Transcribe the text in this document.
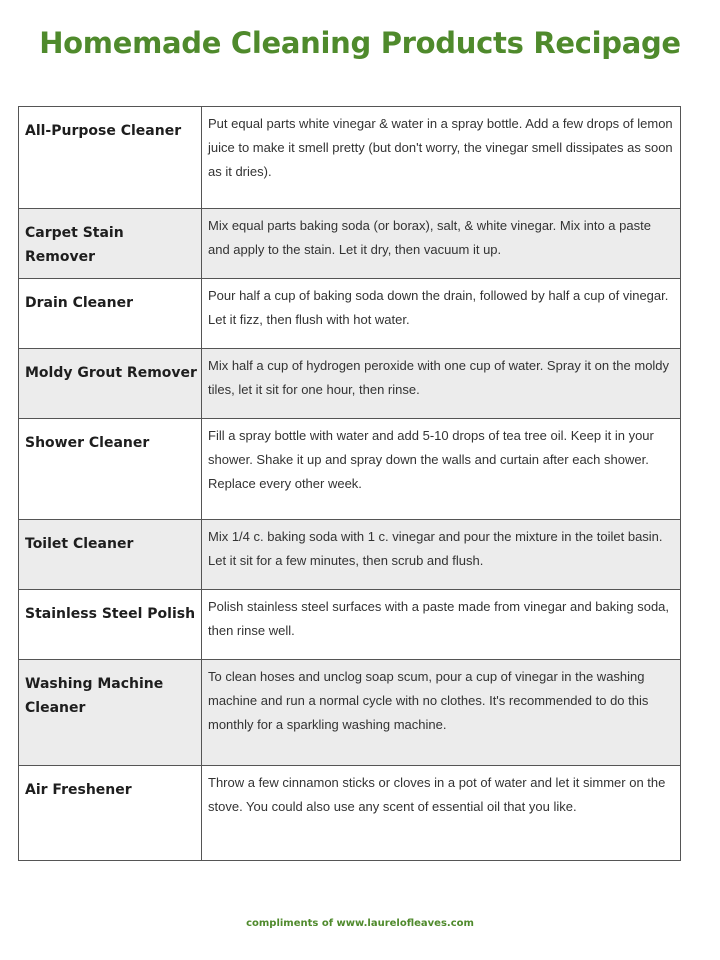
Homemade Cleaning Products Recipage
All-Purpose Cleaner	Put equal parts white vinegar & water in a spray bottle. Add a few drops of lemon juice to make it smell pretty (but don't worry, the vinegar smell dissipates as soon as it dries).

Carpet Stain Remover	Mix equal parts baking soda (or borax), salt, & white vinegar. Mix into a paste and apply to the stain. Let it dry, then vacuum it up.

Drain Cleaner	Pour half a cup of baking soda down the drain, followed by half a cup of vinegar. Let it fizz, then flush with hot water.

Moldy Grout Remover	Mix half a cup of hydrogen peroxide with one cup of water. Spray it on the moldy tiles, let it sit for one hour, then rinse.

Shower Cleaner	Fill a spray bottle with water and add 5-10 drops of tea tree oil. Keep it in your shower. Shake it up and spray down the walls and curtain after each shower. Replace every other week.

Toilet Cleaner	Mix 1/4 c. baking soda with 1 c. vinegar and pour the mixture in the toilet basin. Let it sit for a few minutes, then scrub and flush.

Stainless Steel Polish	Polish stainless steel surfaces with a paste made from vinegar and baking soda, then rinse well.

Washing Machine Cleaner	To clean hoses and unclog soap scum, pour a cup of vinegar in the washing machine and run a normal cycle with no clothes. It's recommended to do this monthly for a sparkling washing machine.

Air Freshener	Throw a few cinnamon sticks or cloves in a pot of water and let it simmer on the stove. You could also use any scent of essential oil that you like.
compliments of www.laurelofleaves.com
